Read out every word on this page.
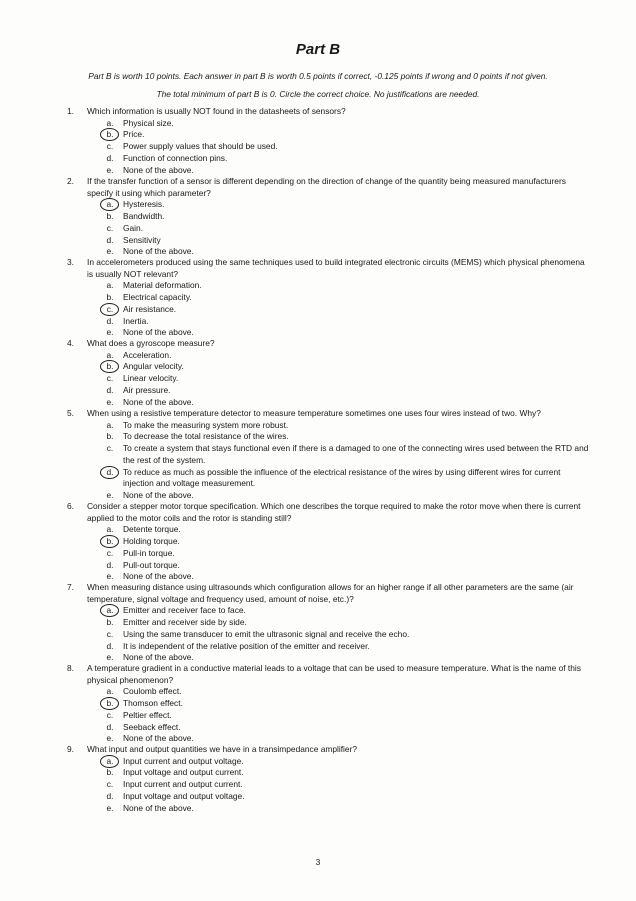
Part B
Part B is worth 10 points. Each answer in part B is worth 0.5 points if correct, -0.125 points if wrong and 0 points if not given.
The total minimum of part B is 0. Circle the correct choice. No justifications are needed.
1. Which information is usually NOT found in the datasheets of sensors?
a. Physical size.
b. Price.
c.	Power supply values that should be used.
d. Function of connection pins.
e. None of the above.
2. If the transfer function of a sensor is different depending on the direction of change of the quantity being measured manufacturers specify it using which parameter?
a. Hysteresis.
b. Bandwidth.
c.	Gain.
d. Sensitivity
e. None of the above.
3. In accelerometers produced using the same techniques used to build integrated electronic circuits (MEMS) which physical phenomena is usually NOT relevant?
a. Material deformation.
b. Electrical capacity.
c.	Air resistance.
d. Inertia.
e. None of the above.
4. What does a gyroscope measure?
a. Acceleration.
b. Angular velocity.
c.	Linear velocity.
d. Air pressure.
e. None of the above.
5. When using a resistive temperature detector to measure temperature sometimes one uses four wires instead of two. Why?
a. To make the measuring system more robust.
b. To decrease the total resistance of the wires.
c.	To create a system that stays functional even if there is a damaged to one of the connecting wires used between the RTD and the rest of the system.
d. To reduce as much as possible the influence of the electrical resistance of the wires by using different wires for current injection and voltage measurement.
e. None of the above.
6. Consider a stepper motor torque specification. Which one describes the torque required to make the rotor move when there is current applied to the motor coils and the rotor is standing still?
a. Detente torque.
b. Holding torque.
c.	Pull-in torque.
d. Pull-out torque.
e. None of the above.
7. When measuring distance using ultrasounds which configuration allows for an higher range if all other parameters are the same (air temperature, signal voltage and frequency used, amount of noise, etc.)?
a. Emitter and receiver face to face.
b. Emitter and receiver side by side.
c.	Using the same transducer to emit the ultrasonic signal and receive the echo.
d. It is independent of the relative position of the emitter and receiver.
e. None of the above.
8. A temperature gradient in a conductive material leads to a voltage that can be used to measure temperature. What is the name of this physical phenomenon?
a. Coulomb effect.
b. Thomson effect.
c.	Peltier effect.
d. Seeback effect.
e. None of the above.
9. What input and output quantities we have in a transimpedance amplifier?
a. Input current and output voltage.
b. Input voltage and output current.
c.	Input current and output current.
d. Input voltage and output voltage.
e. None of the above.
3
